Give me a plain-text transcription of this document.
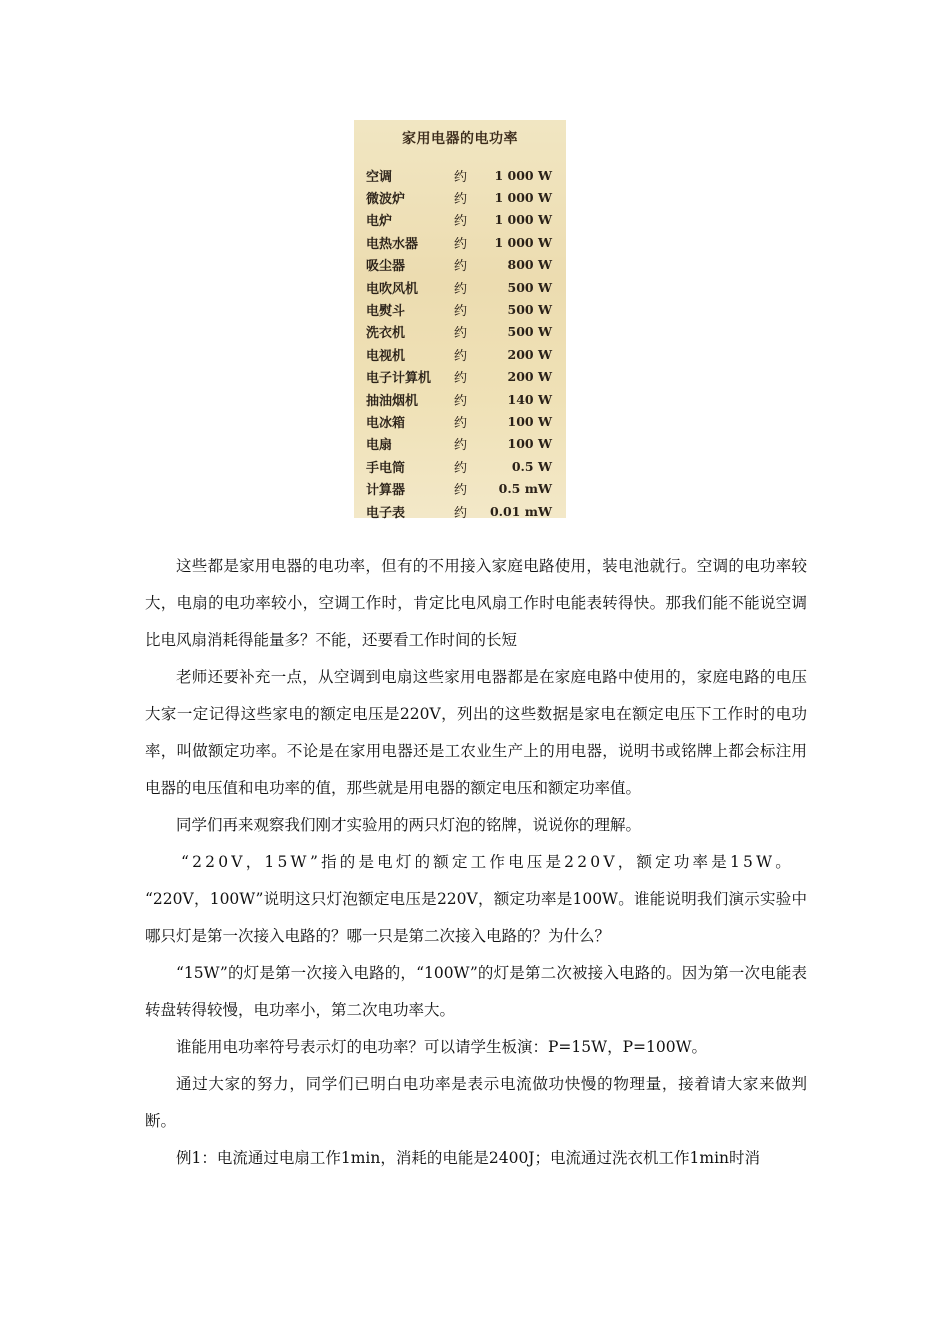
家用电器的电功率
空调	约	1 000 W
微波炉	约	1 000 W
电炉	约	1 000 W
电热水器	约	1 000 W
吸尘器	约	800 W
电吹风机	约	500 W
电熨斗	约	500 W
洗衣机	约	500 W
电视机	约	200 W
电子计算机	约	200 W
抽油烟机	约	140 W
电冰箱	约	100 W
电扇	约	100 W
手电筒	约	0.5 W
计算器	约	0.5 mW
电子表	约	0.01 mW

这些都是家用电器的电功率，但有的不用接入家庭电路使用，装电池就行。空调的电功率较大，电扇的电功率较小，空调工作时，肯定比电风扇工作时电能表转得快。那我们能不能说空调比电风扇消耗得能量多？不能，还要看工作时间的长短

老师还要补充一点，从空调到电扇这些家用电器都是在家庭电路中使用的，家庭电路的电压大家一定记得这些家电的额定电压是220V，列出的这些数据是家电在额定电压下工作时的电功率，叫做额定功率。不论是在家用电器还是工农业生产上的用电器，说明书或铭牌上都会标注用电器的电压值和电功率的值，那些就是用电器的额定电压和额定功率值。

同学们再来观察我们刚才实验用的两只灯泡的铭牌，说说你的理解。

“220V，15W”指的是电灯的额定工作电压是220V，额定功率是15W。

“220V，100W”说明这只灯泡额定电压是220V，额定功率是100W。谁能说明我们演示实验中哪只灯是第一次接入电路的？哪一只是第二次接入电路的？为什么？

“15W”的灯是第一次接入电路的，“100W”的灯是第二次被接入电路的。因为第一次电能表转盘转得较慢，电功率小，第二次电功率大。

谁能用电功率符号表示灯的电功率？可以请学生板演：P=15W，P=100W。

通过大家的努力，同学们已明白电功率是表示电流做功快慢的物理量，接着请大家来做判断。

例1：电流通过电扇工作1min，消耗的电能是2400J；电流通过洗衣机工作1min时消
